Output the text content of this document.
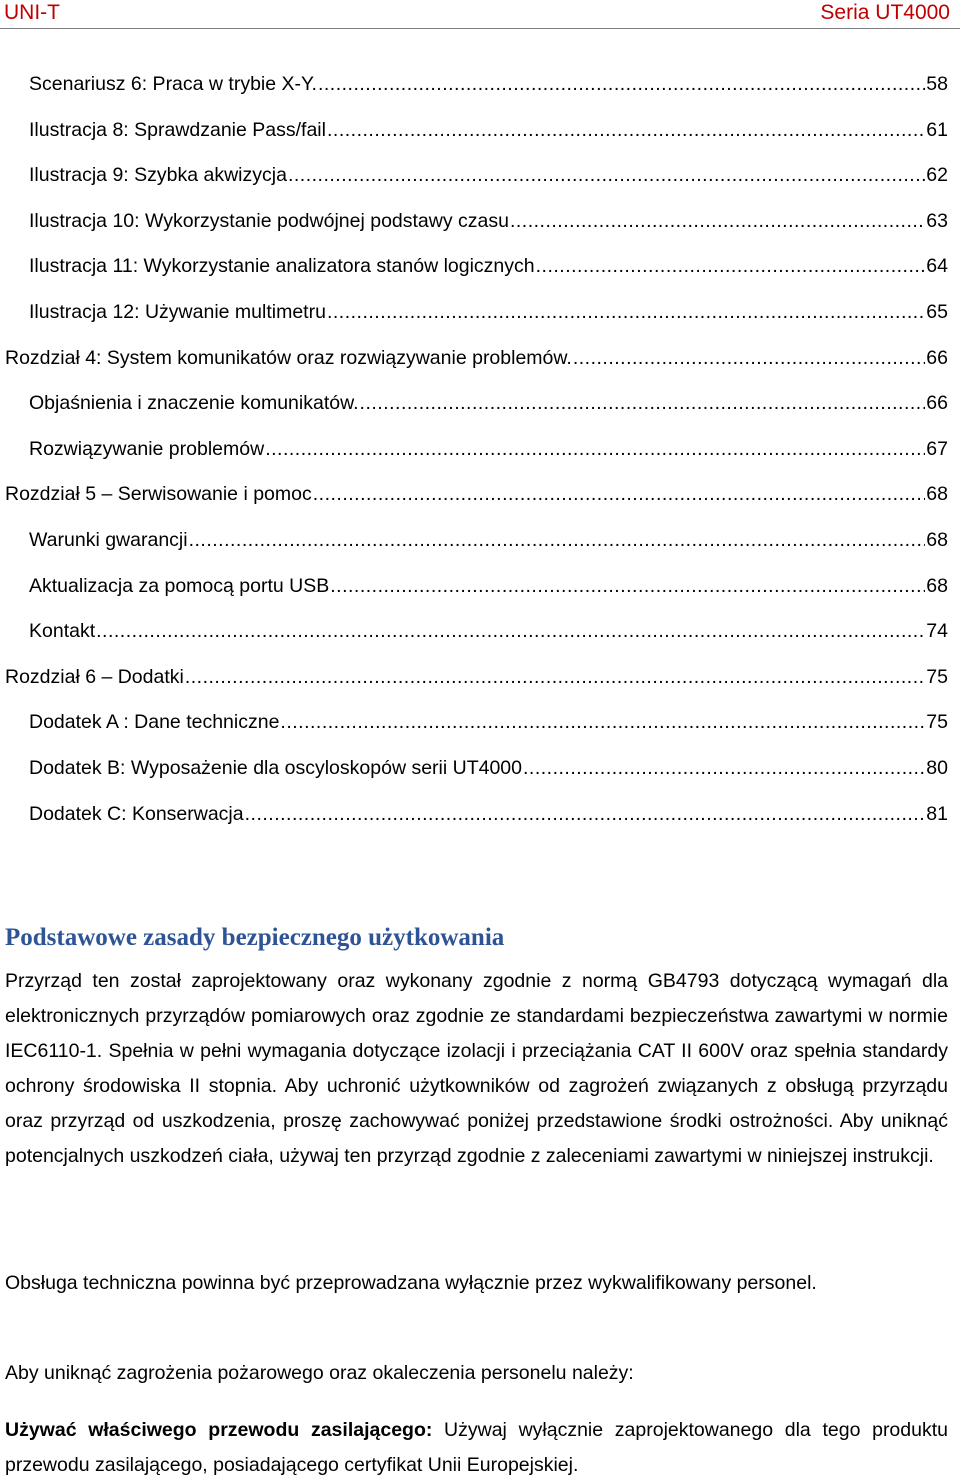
UNI-T	Seria UT4000
Scenariusz 6: Praca w trybie X-Y. .....	58
Ilustracja 8: Sprawdzanie Pass/fail .....	61
Ilustracja 9: Szybka akwizycja .....	62
Ilustracja 10: Wykorzystanie podwójnej podstawy czasu .....	63
Ilustracja 11: Wykorzystanie analizatora stanów logicznych .....	64
Ilustracja 12: Używanie multimetru .....	65
Rozdział 4: System komunikatów oraz rozwiązywanie problemów. .....	66
Objaśnienia i znaczenie komunikatów. .....	66
Rozwiązywanie problemów .....	67
Rozdział 5 – Serwisowanie i pomoc .....	68
Warunki gwarancji .....	68
Aktualizacja za pomocą portu USB .....	68
Kontakt .....	74
Rozdział 6 – Dodatki .....	75
Dodatek A : Dane techniczne .....	75
Dodatek B: Wyposażenie dla oscyloskopów serii UT4000 .....	80
Dodatek C: Konserwacja .....	81
Podstawowe zasady bezpiecznego użytkowania

Przyrząd ten został zaprojektowany oraz wykonany zgodnie z normą GB4793 dotyczącą wymagań dla elektronicznych przyrządów pomiarowych oraz zgodnie ze standardami bezpieczeństwa zawartymi w normie IEC6110-1. Spełnia w pełni wymagania dotyczące izolacji i przeciążania CAT II 600V oraz spełnia standardy ochrony środowiska II stopnia. Aby uchronić użytkowników od zagrożeń związanych z obsługą przyrządu oraz przyrząd od uszkodzenia, proszę zachowywać poniżej przedstawione środki ostrożności. Aby uniknąć potencjalnych uszkodzeń ciała, używaj ten przyrząd zgodnie z zaleceniami zawartymi w niniejszej instrukcji.

Obsługa techniczna powinna być przeprowadzana wyłącznie przez wykwalifikowany personel.

Aby uniknąć zagrożenia pożarowego oraz okaleczenia personelu należy:

Używać właściwego przewodu zasilającego: Używaj wyłącznie zaprojektowanego dla tego produktu przewodu zasilającego, posiadającego certyfikat Unii Europejskiej.
